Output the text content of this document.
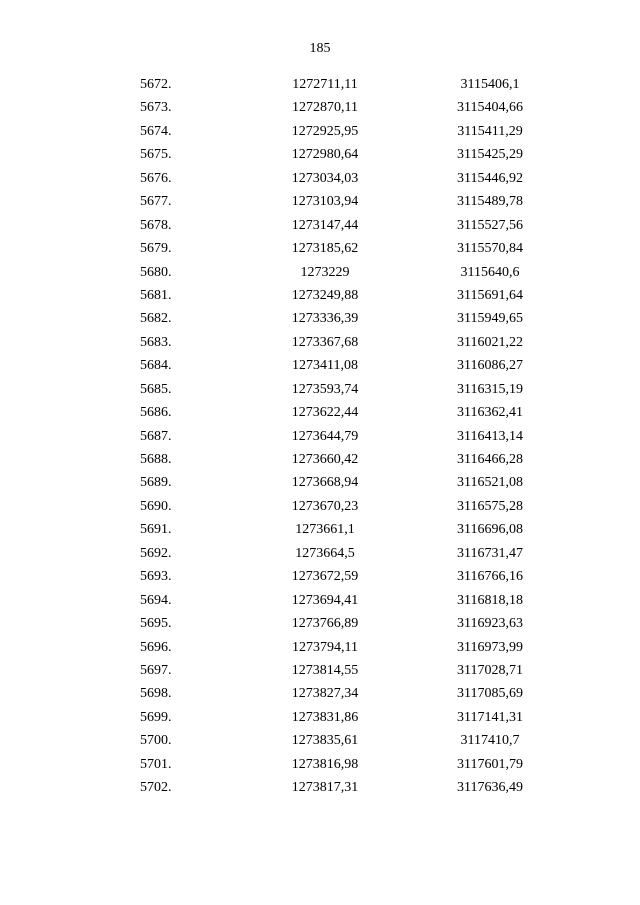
185
5672.	1272711,11	3115406,1
5673.	1272870,11	3115404,66
5674.	1272925,95	3115411,29
5675.	1272980,64	3115425,29
5676.	1273034,03	3115446,92
5677.	1273103,94	3115489,78
5678.	1273147,44	3115527,56
5679.	1273185,62	3115570,84
5680.	1273229	3115640,6
5681.	1273249,88	3115691,64
5682.	1273336,39	3115949,65
5683.	1273367,68	3116021,22
5684.	1273411,08	3116086,27
5685.	1273593,74	3116315,19
5686.	1273622,44	3116362,41
5687.	1273644,79	3116413,14
5688.	1273660,42	3116466,28
5689.	1273668,94	3116521,08
5690.	1273670,23	3116575,28
5691.	1273661,1	3116696,08
5692.	1273664,5	3116731,47
5693.	1273672,59	3116766,16
5694.	1273694,41	3116818,18
5695.	1273766,89	3116923,63
5696.	1273794,11	3116973,99
5697.	1273814,55	3117028,71
5698.	1273827,34	3117085,69
5699.	1273831,86	3117141,31
5700.	1273835,61	3117410,7
5701.	1273816,98	3117601,79
5702.	1273817,31	3117636,49
